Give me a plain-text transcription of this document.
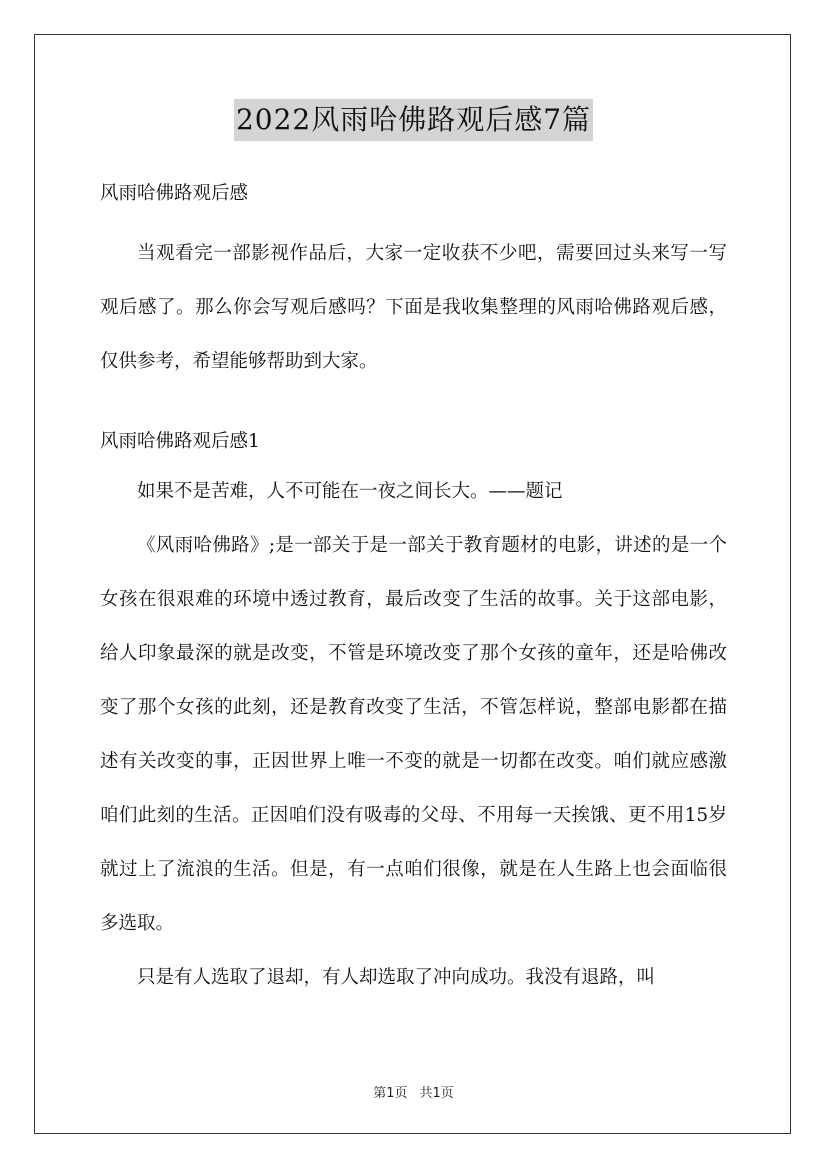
2022风雨哈佛路观后感7篇

风雨哈佛路观后感

当观看完一部影视作品后，大家一定收获不少吧，需要回过头来写一写观后感了。那么你会写观后感吗？下面是我收集整理的风雨哈佛路观后感，仅供参考，希望能够帮助到大家。

风雨哈佛路观后感1

如果不是苦难，人不可能在一夜之间长大。——题记

《风雨哈佛路》;是一部关于是一部关于教育题材的电影，讲述的是一个女孩在很艰难的环境中透过教育，最后改变了生活的故事。关于这部电影，给人印象最深的就是改变，不管是环境改变了那个女孩的童年，还是哈佛改变了那个女孩的此刻，还是教育改变了生活，不管怎样说，整部电影都在描述有关改变的事，正因世界上唯一不变的就是一切都在改变。咱们就应感激咱们此刻的生活。正因咱们没有吸毒的父母、不用每一天挨饿、更不用15岁就过上了流浪的生活。但是，有一点咱们很像，就是在人生路上也会面临很多选取。

只是有人选取了退却，有人却选取了冲向成功。我没有退路，叫

第1页 共1页
